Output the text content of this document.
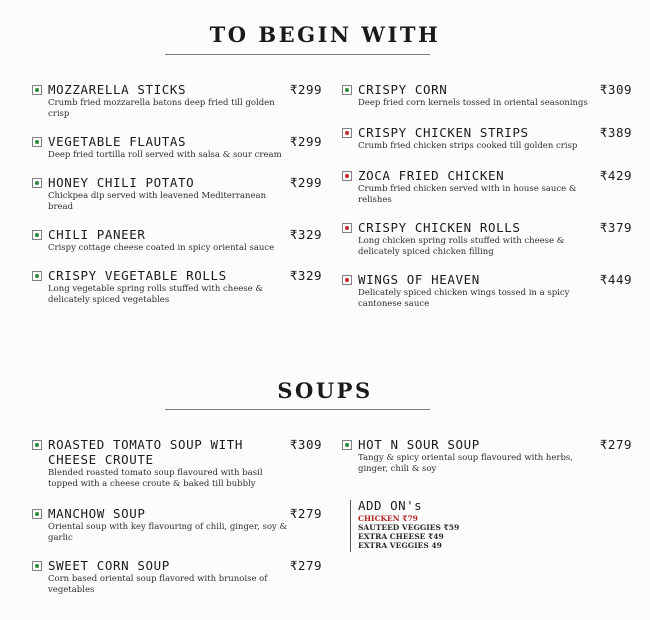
TO BEGIN WITH
MOZZARELLA STICKS	₹299
Crumb fried mozzarella batons deep fried till golden crisp
VEGETABLE FLAUTAS	₹299
Deep fried tortilla roll served with salsa & sour cream
HONEY CHILI POTATO	₹299
Chickpea dip served with leavened Mediterranean bread
CHILI PANEER	₹329
Crispy cottage cheese coated in spicy oriental sauce
CRISPY VEGETABLE ROLLS	₹329
Long vegetable spring rolls stuffed with cheese & delicately spiced vegetables
CRISPY CORN	₹309
Deep fried corn kernels tossed in oriental seasonings
CRISPY CHICKEN STRIPS	₹389
Crumb fried chicken strips cooked till golden crisp
ZOCA FRIED CHICKEN	₹429
Crumb fried chicken served with in house sauce & relishes
CRISPY CHICKEN ROLLS	₹379
Long chicken spring rolls stuffed with cheese & delicately spiced chicken filling
WINGS OF HEAVEN	₹449
Delicately spiced chicken wings tossed in a spicy cantonese sauce
SOUPS
ROASTED TOMATO SOUP WITH CHEESE CROUTE
₹309
Blended roasted tomato soup flavoured with basil topped with a cheese croute & baked till bubbly
MANCHOW SOUP	₹279
Oriental soup with key flavouring of chili, ginger, soy & garlic
SWEET CORN SOUP	₹279
Corn based oriental soup flavored with brunoise of vegetables
HOT N SOUR SOUP	₹279
Tangy & spicy oriental soup flavoured with herbs, ginger, chili & soy
ADD ON's
CHICKEN ₹79
SAUTEED VEGGIES ₹59
EXTRA CHEESE ₹49
EXTRA VEGGIES 49
